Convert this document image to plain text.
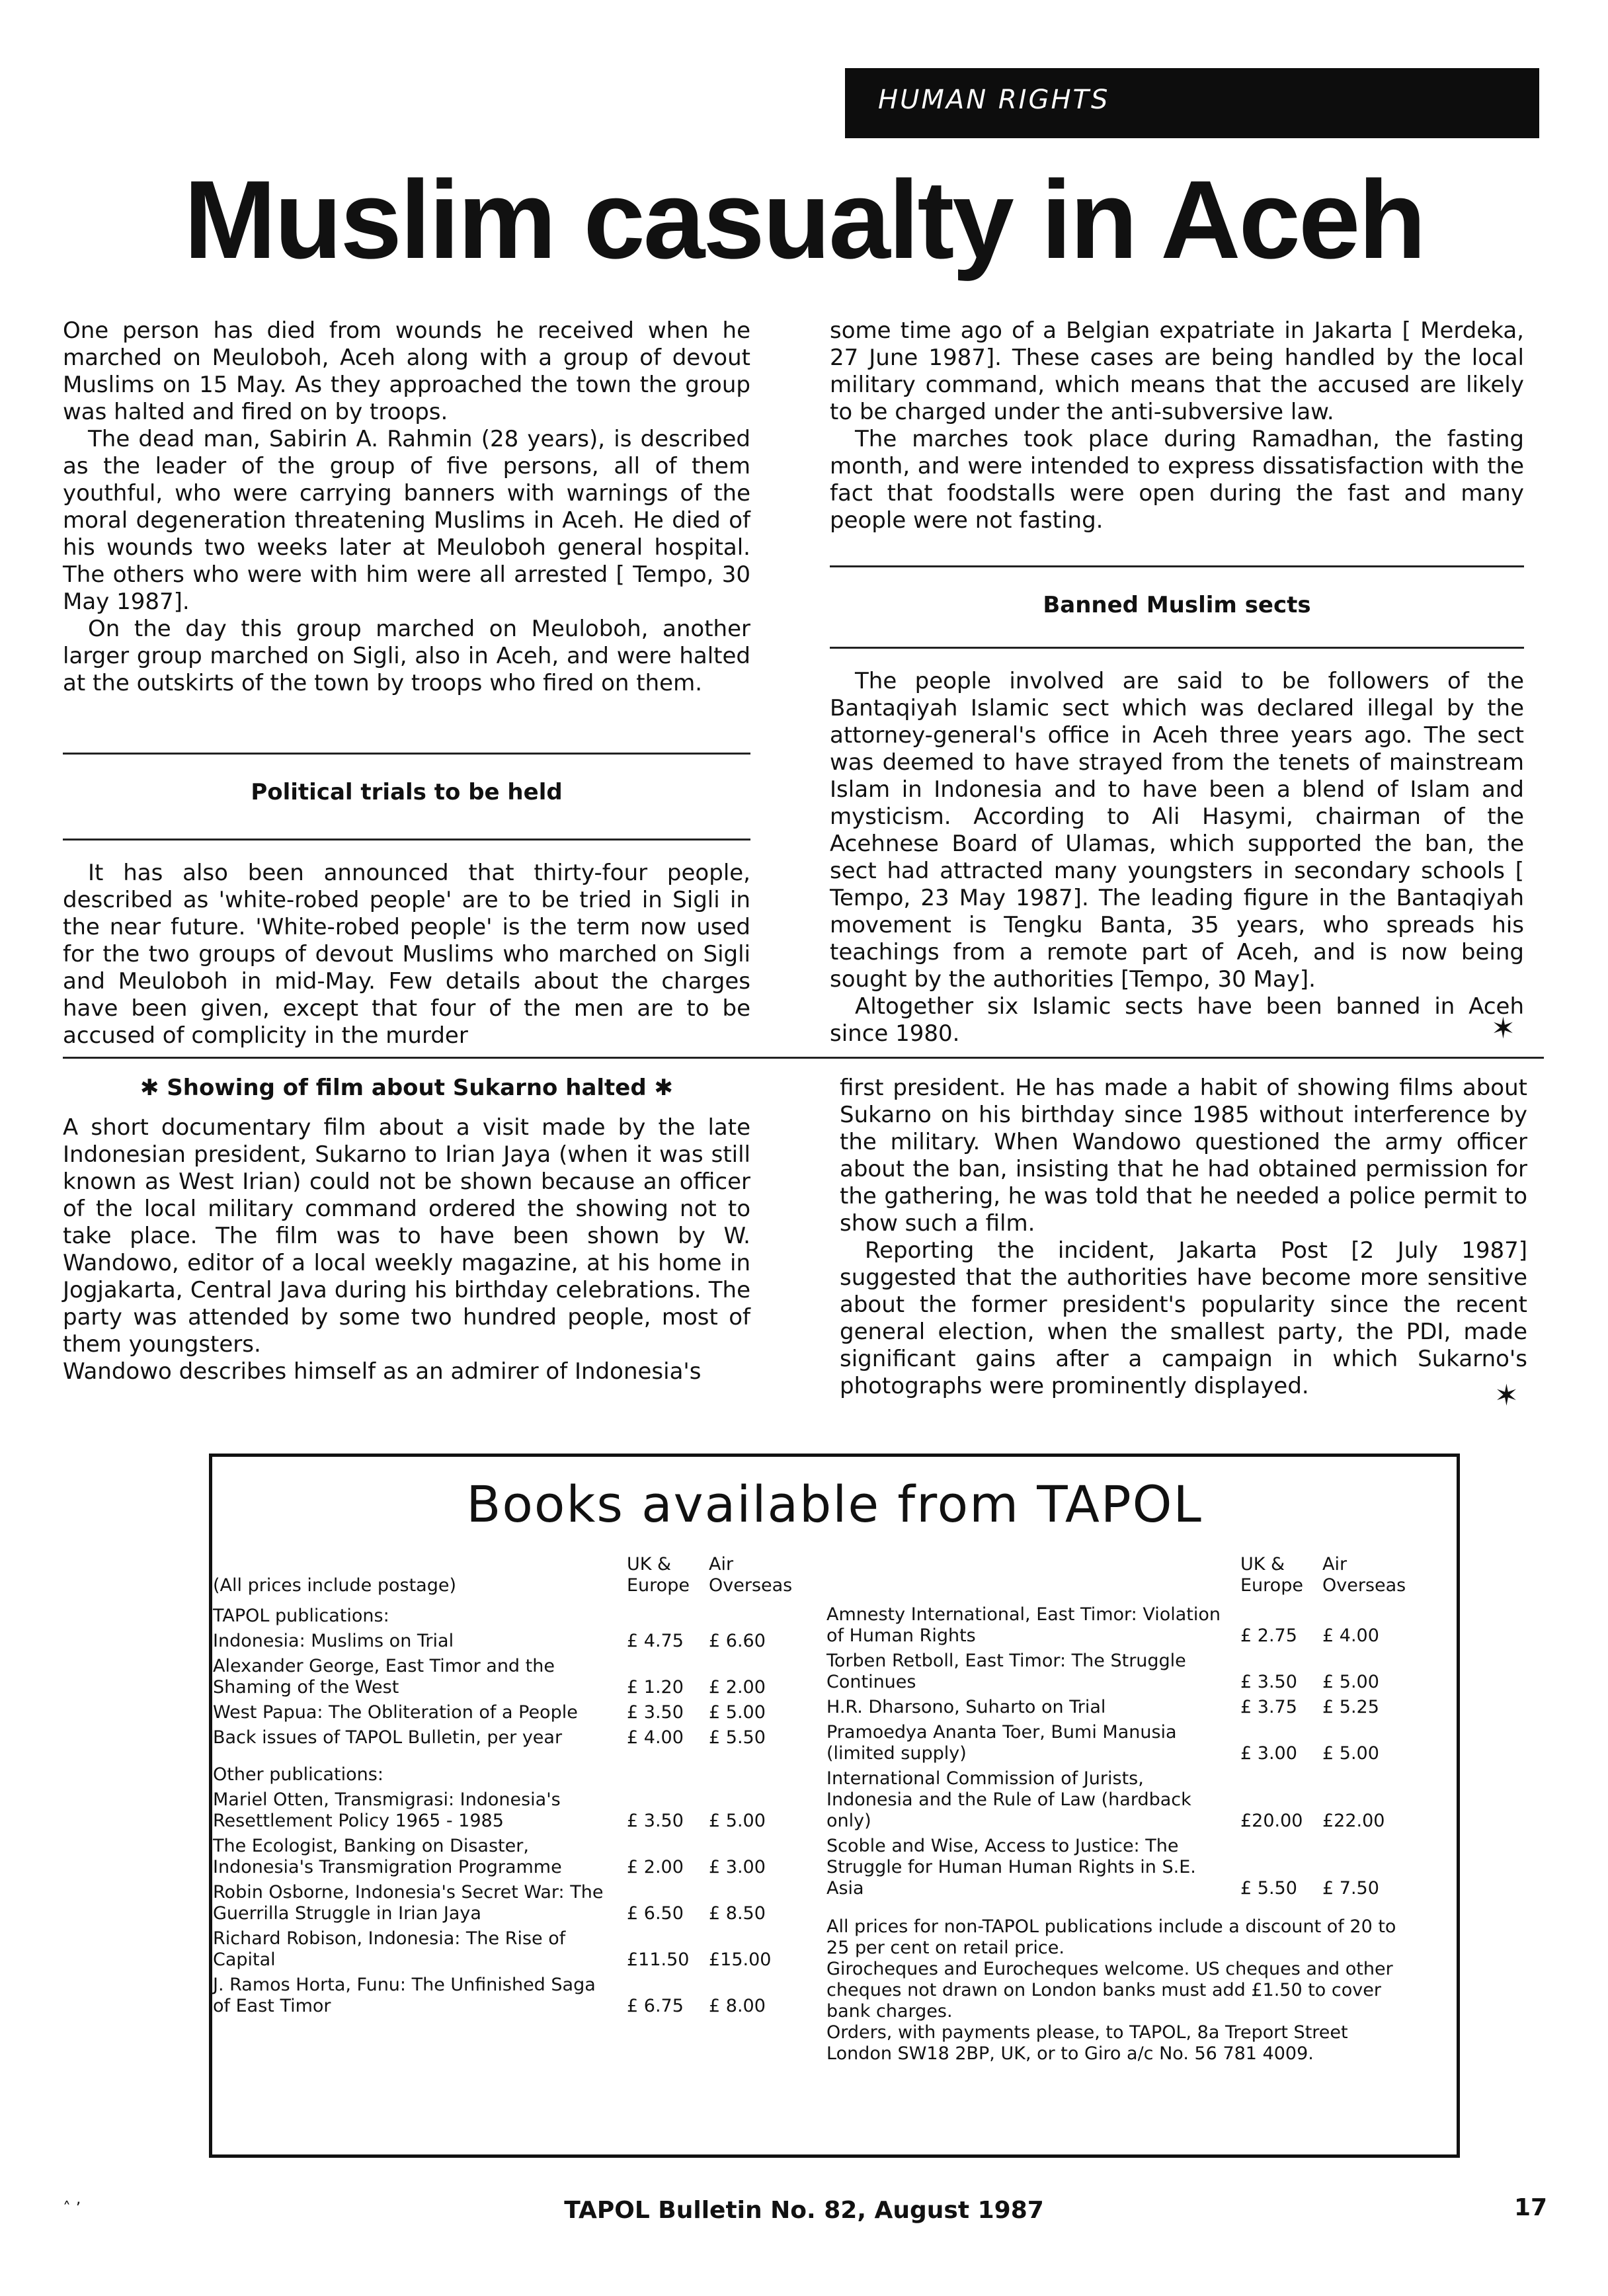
HUMAN RIGHTS
Muslim casualty in Aceh

One person has died from wounds he received when he marched on Meuloboh, Aceh along with a group of devout Muslims on 15 May. As they approached the town the group was halted and fired on by troops.

The dead man, Sabirin A. Rahmin (28 years), is described as the leader of the group of five persons, all of them youthful, who were carrying banners with warnings of the moral degeneration threatening Muslims in Aceh. He died of his wounds two weeks later at Meuloboh general hospital. The others who were with him were all arrested [ Tempo, 30 May 1987].

On the day this group marched on Meuloboh, another larger group marched on Sigli, also in Aceh, and were halted at the outskirts of the town by troops who fired on them.

Political trials to be held

It has also been announced that thirty-four people, described as 'white-robed people' are to be tried in Sigli in the near future. 'White-robed people' is the term now used for the two groups of devout Muslims who marched on Sigli and Meuloboh in mid-May. Few details about the charges have been given, except that four of the men are to be accused of complicity in the murder

some time ago of a Belgian expatriate in Jakarta [ Merdeka, 27 June 1987]. These cases are being handled by the local military command, which means that the accused are likely to be charged under the anti-subversive law.

The marches took place during Ramadhan, the fasting month, and were intended to express dissatisfaction with the fact that foodstalls were open during the fast and many people were not fasting.

Banned Muslim sects

The people involved are said to be followers of the Bantaqiyah Islamic sect which was declared illegal by the attorney-general's office in Aceh three years ago. The sect was deemed to have strayed from the tenets of mainstream Islam in Indonesia and to have been a blend of Islam and mysticism. According to Ali Hasymi, chairman of the Acehnese Board of Ulamas, which supported the ban, the sect had attracted many youngsters in secondary schools [ Tempo, 23 May 1987]. The leading figure in the Bantaqiyah movement is Tengku Banta, 35 years, who spreads his teachings from a remote part of Aceh, and is now being sought by the authorities [Tempo, 30 May].

Altogether six Islamic sects have been banned in Aceh since 1980.	✶
✱ Showing of film about Sukarno halted ✱

A short documentary film about a visit made by the late Indonesian president, Sukarno to Irian Jaya (when it was still known as West Irian) could not be shown because an officer of the local military command ordered the showing not to take place. The film was to have been shown by W. Wandowo, editor of a local weekly magazine, at his home in Jogjakarta, Central Java during his birthday celebrations. The party was attended by some two hundred people, most of them youngsters.

Wandowo describes himself as an admirer of Indonesia's

first president. He has made a habit of showing films about Sukarno on his birthday since 1985 without interference by the military. When Wandowo questioned the army officer about the ban, insisting that he had obtained permission for the gathering, he was told that he needed a police permit to show such a film.

Reporting the incident, Jakarta Post [2 July 1987] suggested that the authorities have become more sensitive about the former president's popularity since the recent general election, when the smallest party, the PDI, made significant gains after a campaign in which Sukarno's photographs were prominently displayed.	✶
Books available from TAPOL
(All prices include postage)
UK & Europe
Air Overseas
TAPOL publications:
Indonesia: Muslims on Trial	£ 4.75	£ 6.60
Alexander George, East Timor and the Shaming of the West	£ 1.20	£ 2.00
West Papua: The Obliteration of a People	£ 3.50	£ 5.00
Back issues of TAPOL Bulletin, per year	£ 4.00	£ 5.50
Other publications:
Mariel Otten, Transmigrasi: Indonesia's Resettlement Policy 1965 - 1985	£ 3.50	£ 5.00
The Ecologist, Banking on Disaster, Indonesia's Transmigration Programme	£ 2.00	£ 3.00
Robin Osborne, Indonesia's Secret War: The Guerrilla Struggle in Irian Jaya	£ 6.50	£ 8.50
Richard Robison, Indonesia: The Rise of Capital	£11.50	£15.00
J. Ramos Horta, Funu: The Unfinished Saga of East Timor	£ 6.75	£ 8.00
UK & Europe
Air Overseas
Amnesty International, East Timor: Violation of Human Rights	£ 2.75	£ 4.00
Torben Retboll, East Timor: The Struggle Continues	£ 3.50	£ 5.00
H.R. Dharsono, Suharto on Trial	£ 3.75	£ 5.25
Pramoedya Ananta Toer, Bumi Manusia (limited supply)	£ 3.00	£ 5.00
International Commission of Jurists, Indonesia and the Rule of Law (hardback only)	£20.00	£22.00
Scoble and Wise, Access to Justice: The Struggle for Human Human Rights in S.E. Asia	£ 5.50	£ 7.50
All prices for non-TAPOL publications include a discount of 20 to 25 per cent on retail price.
Girocheques and Eurocheques welcome. US cheques and other cheques not drawn on London banks must add £1.50 to cover bank charges.
Orders, with payments please, to TAPOL, 8a Treport Street London SW18 2BP, UK, or to Giro a/c No. 56 781 4009.
˄ ’	TAPOL Bulletin No. 82, August 1987	17
